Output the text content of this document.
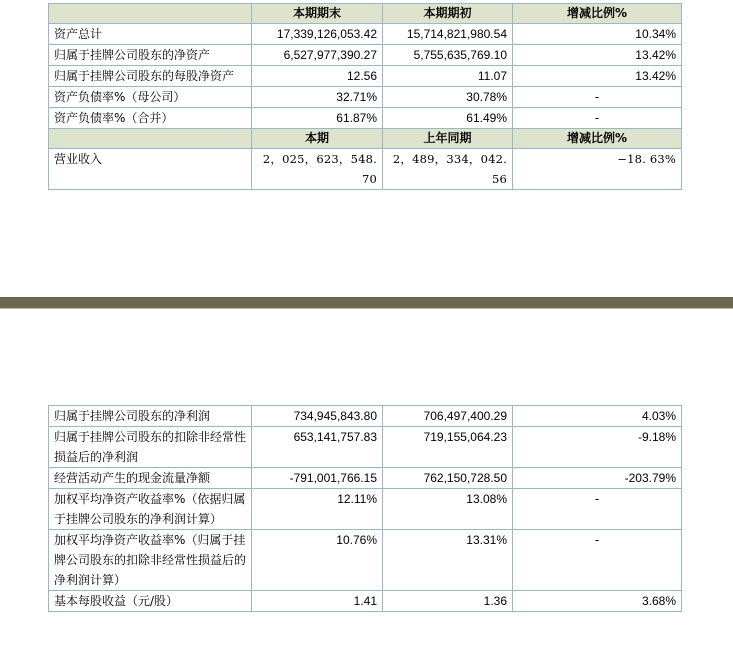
	本期期末	本期期初	增减比例%
资产总计	17,339,126,053.42	15,714,821,980.54	10.34%
归属于挂牌公司股东的净资产	6,527,977,390.27	5,755,635,769.10	13.42%
归属于挂牌公司股东的每股净资产	12.56	11.07	13.42%
资产负债率%（母公司）	32.71%	30.78%	-
资产负债率%（合并）	61.87%	61.49%	-
	本期	上年同期	增减比例%
营业收入	2，025，623，548. 70	2，489，334，042. 56	−18. 63%
归属于挂牌公司股东的净利润	734,945,843.80	706,497,400.29	4.03%
归属于挂牌公司股东的扣除非经常性损益后的净利润	653,141,757.83	719,155,064.23	-9.18%
经营活动产生的现金流量净额	-791,001,766.15	762,150,728.50	-203.79%
加权平均净资产收益率%（依据归属于挂牌公司股东的净利润计算）	12.11%	13.08%	-
加权平均净资产收益率%（归属于挂牌公司股东的扣除非经常性损益后的净利润计算）	10.76%	13.31%	-
基本每股收益（元/股）	1.41	1.36	3.68%
